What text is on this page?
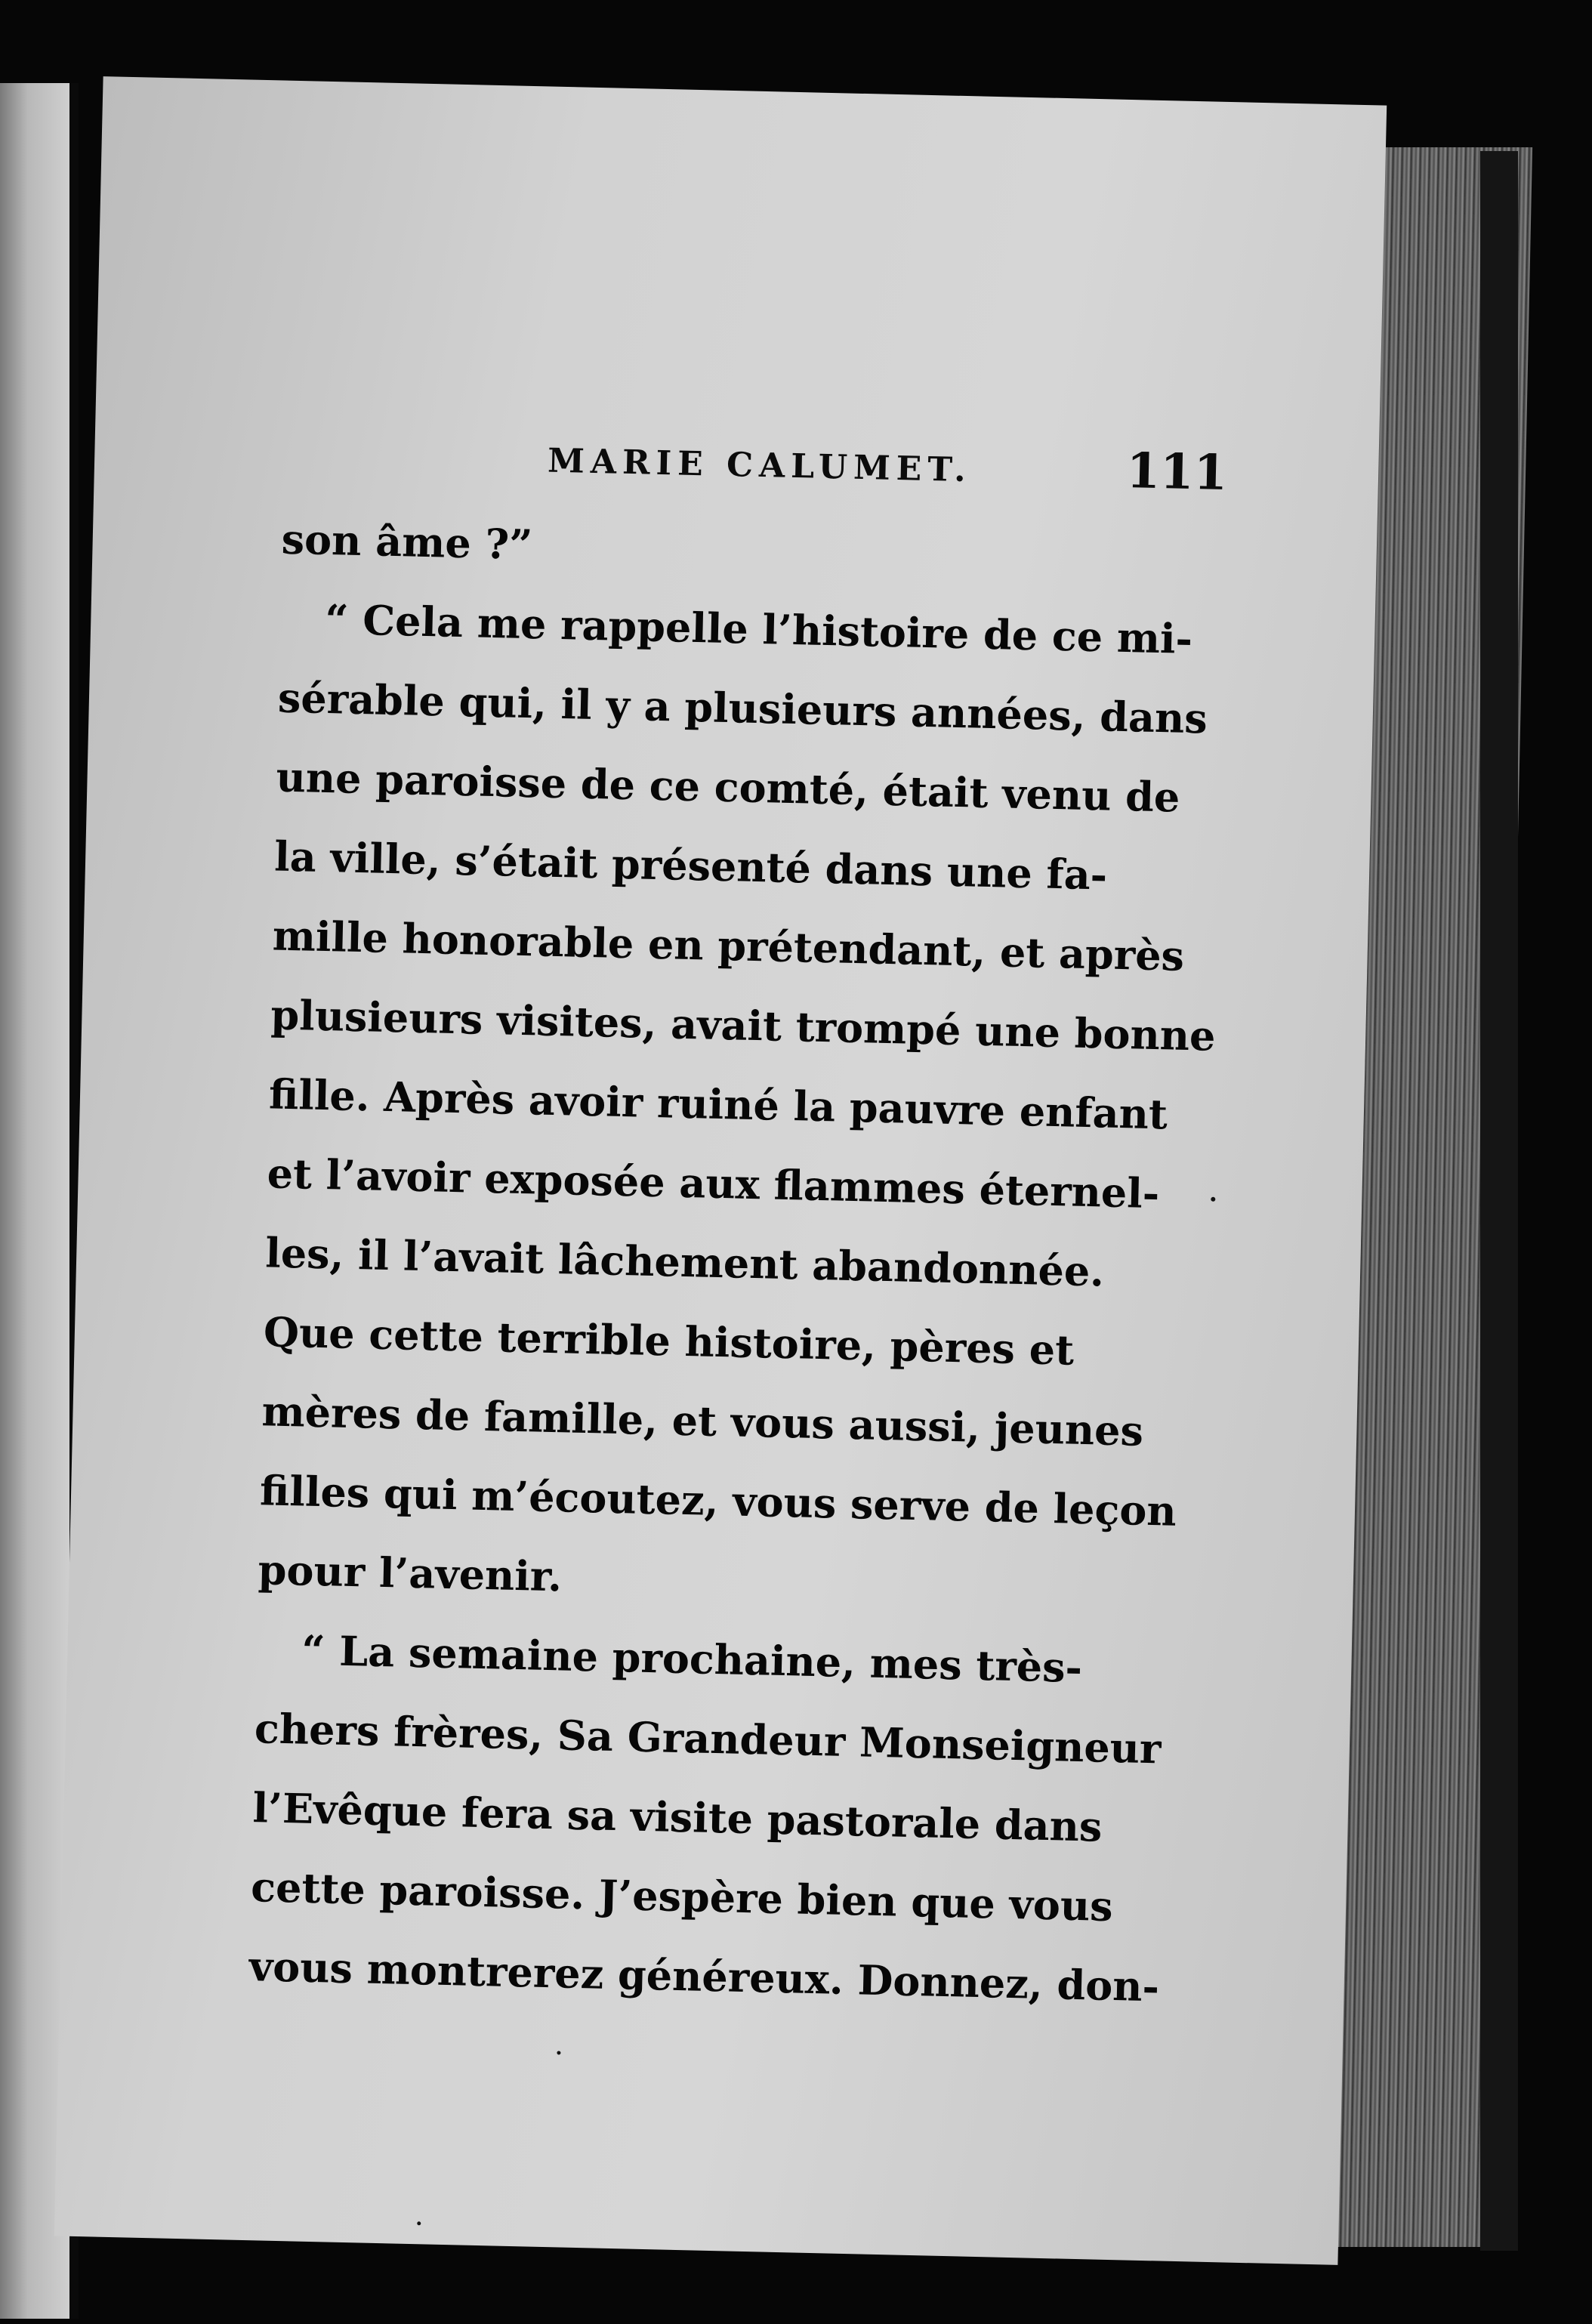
MARIE CALUMET.	111
son âme ?”
“ Cela me rappelle l’histoire de ce mi-
sérable qui, il y a plusieurs années, dans
une paroisse de ce comté, était venu de
la ville, s’était présenté dans une fa-
mille honorable en prétendant, et après
plusieurs visites, avait trompé une bonne
fille. Après avoir ruiné la pauvre enfant
et l’avoir exposée aux flammes éternel-
les, il l’avait lâchement abandonnée.
Que cette terrible histoire, pères et
mères de famille, et vous aussi, jeunes
filles qui m’écoutez, vous serve de leçon
pour l’avenir.
“ La semaine prochaine, mes très-
chers frères, Sa Grandeur Monseigneur
l’Evêque fera sa visite pastorale dans
cette paroisse. J’espère bien que vous
vous montrerez généreux. Donnez, don-
